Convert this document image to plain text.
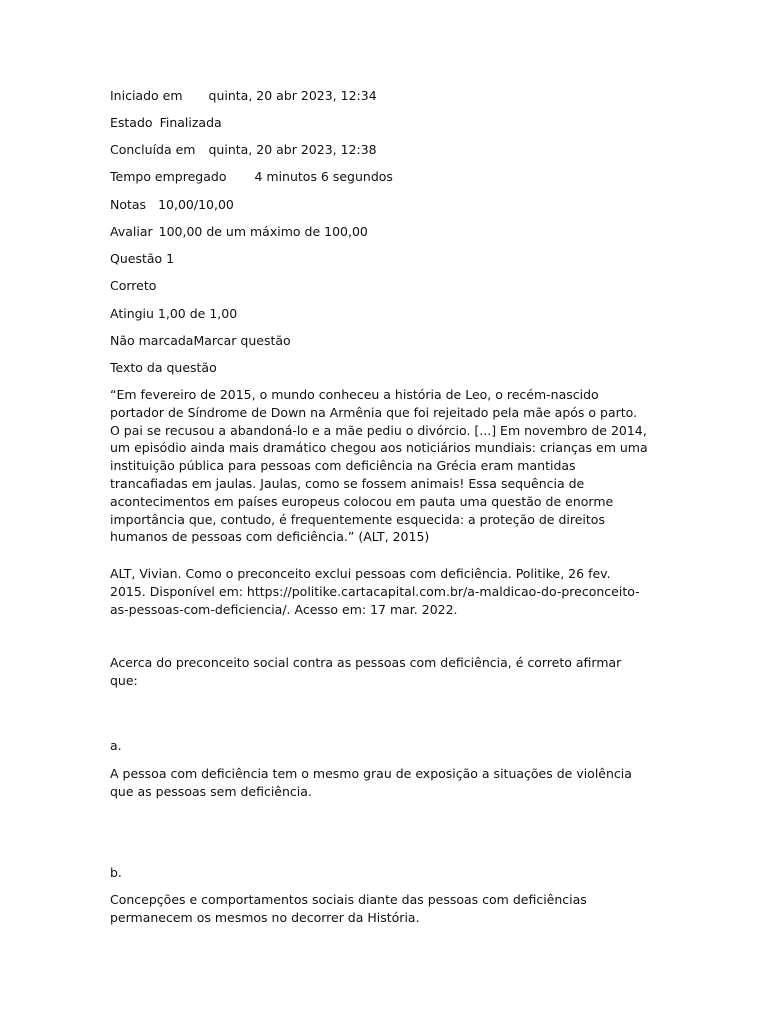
Iniciado em quinta, 20 abr 2023, 12:34
Estado Finalizada
Concluída em quinta, 20 abr 2023, 12:38
Tempo empregado 4 minutos 6 segundos
Notas 10,00/10,00
Avaliar 100,00 de um máximo de 100,00
Questão 1
Correto
Atingiu 1,00 de 1,00
Não marcadaMarcar questão
Texto da questão
“Em fevereiro de 2015, o mundo conheceu a história de Leo, o recém-nascido portador de Síndrome de Down na Armênia que foi rejeitado pela mãe após o parto. O pai se recusou a abandoná-lo e a mãe pediu o divórcio. [...] Em novembro de 2014, um episódio ainda mais dramático chegou aos noticiários mundiais: crianças em uma instituição pública para pessoas com deficiência na Grécia eram mantidas trancafiadas em jaulas. Jaulas, como se fossem animais! Essa sequência de acontecimentos em países europeus colocou em pauta uma questão de enorme importância que, contudo, é frequentemente esquecida: a proteção de direitos humanos de pessoas com deficiência.” (ALT, 2015)
ALT, Vivian. Como o preconceito exclui pessoas com deficiência. Politike, 26 fev. 2015. Disponível em: https://politike.cartacapital.com.br/a-maldicao-do-preconceito-as-pessoas-com-deficiencia/. Acesso em: 17 mar. 2022.
Acerca do preconceito social contra as pessoas com deficiência, é correto afirmar que:
a.
A pessoa com deficiência tem o mesmo grau de exposição a situações de violência que as pessoas sem deficiência.
b.
Concepções e comportamentos sociais diante das pessoas com deficiências permanecem os mesmos no decorrer da História.
